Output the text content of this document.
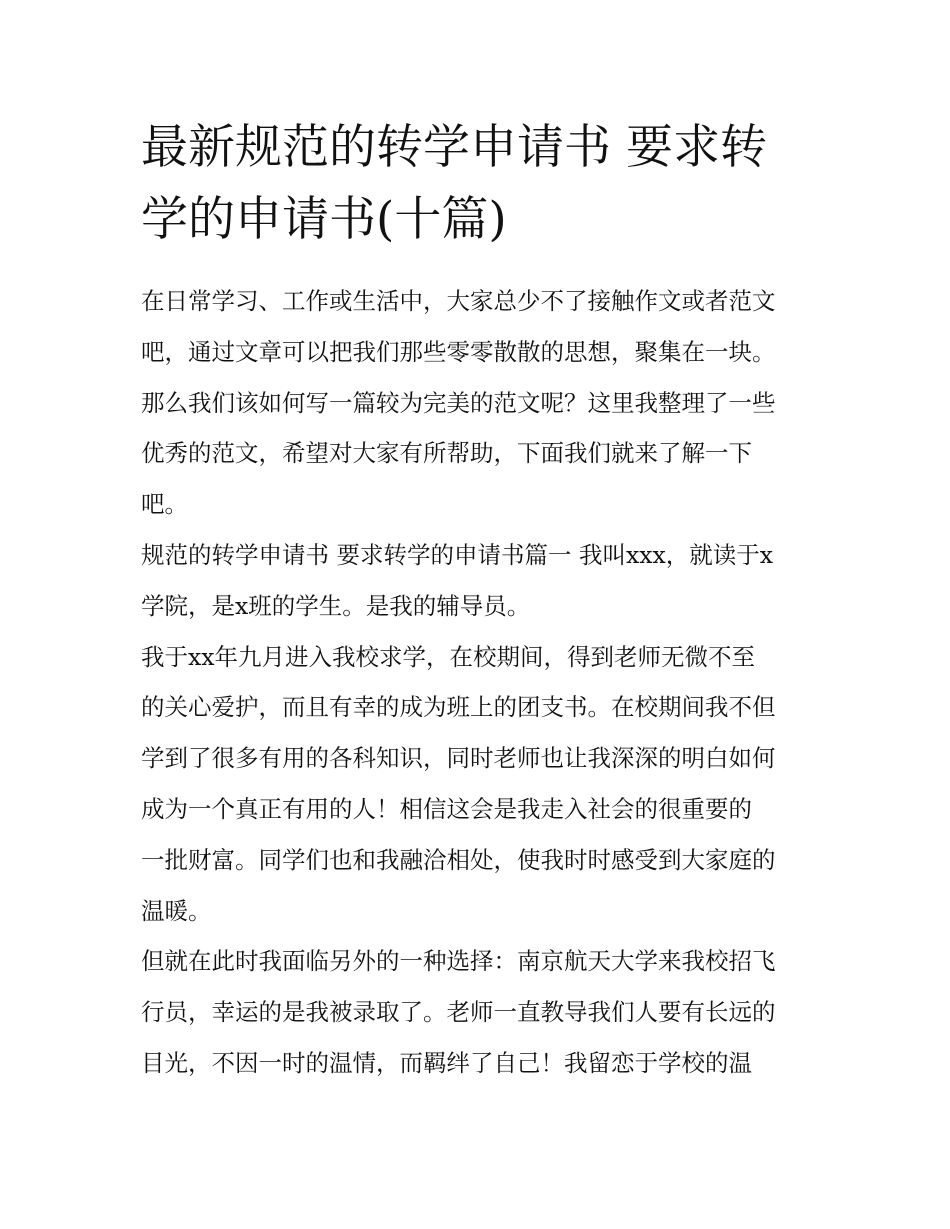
最新规范的转学申请书 要求转
学的申请书(十篇)

在日常学习、工作或生活中，大家总少不了接触作文或者范文
吧，通过文章可以把我们那些零零散散的思想，聚集在一块。
那么我们该如何写一篇较为完美的范文呢？这里我整理了一些
优秀的范文，希望对大家有所帮助，下面我们就来了解一下
吧。

规范的转学申请书 要求转学的申请书篇一 我叫xxx，就读于x
学院，是x班的学生。是我的辅导员。

我于xx年九月进入我校求学，在校期间，得到老师无微不至
的关心爱护，而且有幸的成为班上的团支书。在校期间我不但
学到了很多有用的各科知识，同时老师也让我深深的明白如何
成为一个真正有用的人！相信这会是我走入社会的很重要的
一批财富。同学们也和我融洽相处，使我时时感受到大家庭的
温暖。

但就在此时我面临另外的一种选择：南京航天大学来我校招飞
行员，幸运的是我被录取了。老师一直教导我们人要有长远的
目光，不因一时的温情，而羁绊了自己！我留恋于学校的温
